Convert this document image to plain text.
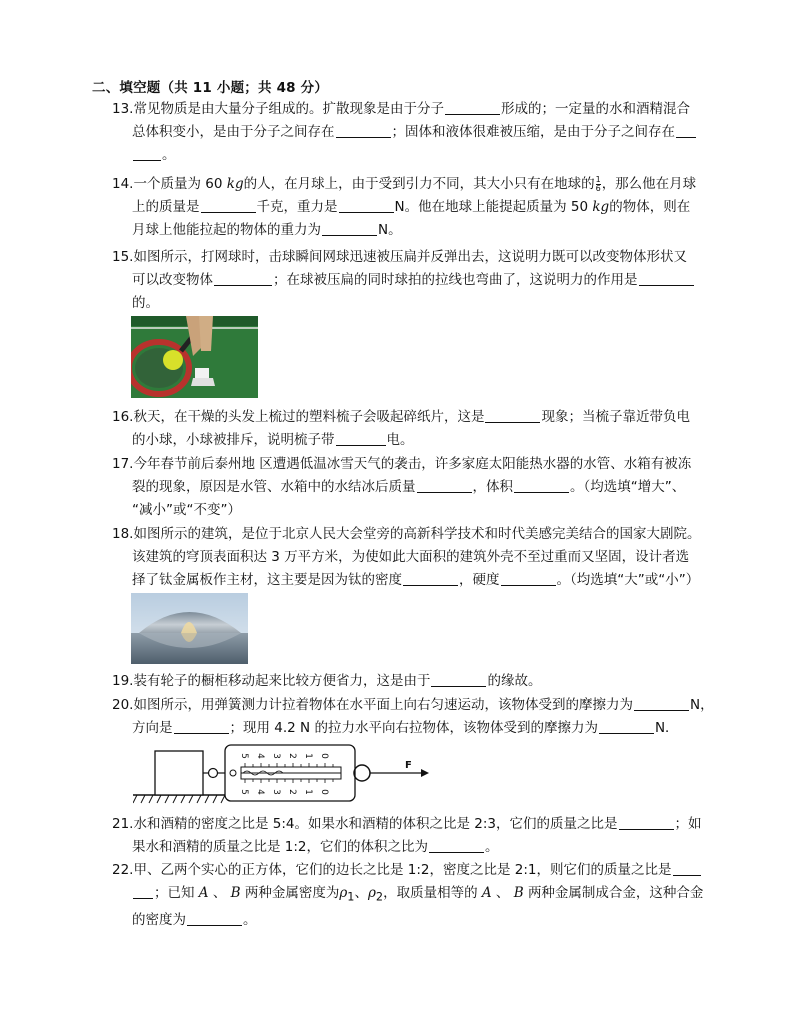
二、填空题（共 11 小题；共 48 分）
13.常见物质是由大量分子组成的。扩散现象是由于分子	形成的；一定量的水和酒精混合
总体积变小，是由于分子之间存在	；固体和液体很难被压缩，是由于分子之间存在
。
14.一个质量为 60 kg的人，在月球上，由于受到引力不同，其大小只有在地球的 $\frac{1}{6}$ ，那么他在月球
上的质量是	千克，重力是	N。他在地球上能提起质量为 50 kg的物体，则在
月球上他能拉起的物体的重力为	N。
15.如图所示，打网球时，击球瞬间网球迅速被压扁并反弹出去，这说明力既可以改变物体形状又
可以改变物体	；在球被压扁的同时球拍的拉线也弯曲了，这说明力的作用是
的。
16.秋天，在干燥的头发上梳过的塑料梳子会吸起碎纸片，这是	现象；当梳子靠近带负电
的小球，小球被排斥，说明梳子带	电。
17.今年春节前后泰州地 区遭遇低温冰雪天气的袭击，许多家庭太阳能热水器的水管、水箱有被冻
裂的现象，原因是水管、水箱中的水结冰后质量	，体积	。（均选填“增大”、
“减小”或“不变”）
18.如图所示的建筑，是位于北京人民大会堂旁的高新科学技术和时代美感完美结合的国家大剧院。
该建筑的穹顶表面积达 3 万平方米，为使如此大面积的建筑外壳不至过重而又坚固，设计者选
择了钛金属板作主材，这主要是因为钛的密度	，硬度	。（均选填“大”或“小”）
19.装有轮子的橱柜移动起来比较方便省力，这是由于	的缘故。
20.如图所示，用弹簧测力计拉着物体在水平面上向右匀速运动，该物体受到的摩擦力为	N，
方向是	；现用 4.2 N 的拉力水平向右拉物体，该物体受到的摩擦力为	N．
5 4 3 2 1 0
5 4 3 2 1 0
F
21.水和酒精的密度之比是 5:4。如果水和酒精的体积之比是 2:3，它们的质量之比是	；如
果水和酒精的质量之比是 1:2，它们的体积之比为	。
22.甲、乙两个实心的正方体，它们的边长之比是 1:2，密度之比是 2:1，则它们的质量之比是
；已知 A 、 B 两种金属密度为$\rho_1$、$\rho_2$，取质量相等的 A 、 B 两种金属制成合金，这种合金
的密度为	。
